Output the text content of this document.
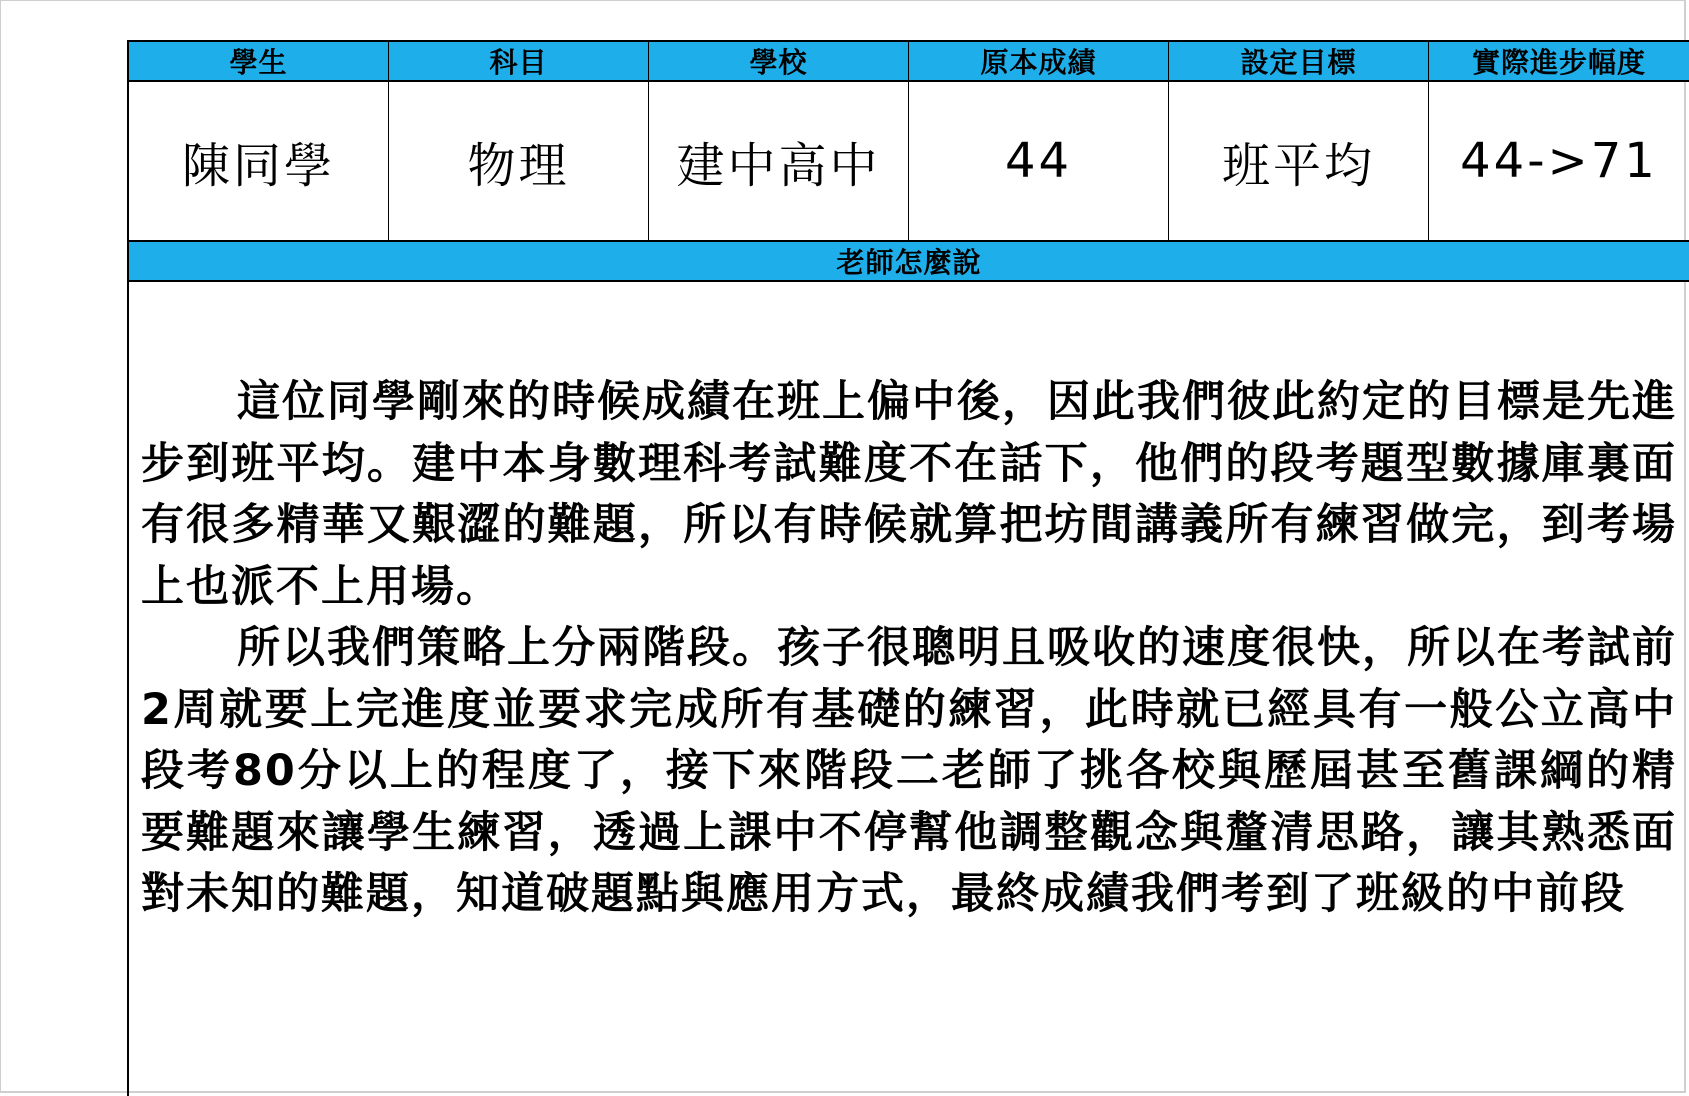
學生	科目	學校	原本成績	設定目標	實際進步幅度
陳同學	物理	建中高中	44	班平均	44->71
老師怎麼說

這位同學剛來的時候成績在班上偏中後，因此我們彼此約定的目標是先進步到班平均。建中本身數理科考試難度不在話下，他們的段考題型數據庫裏面有很多精華又艱澀的難題，所以有時候就算把坊間講義所有練習做完，到考場上也派不上用場。

所以我們策略上分兩階段。孩子很聰明且吸收的速度很快，所以在考試前2周就要上完進度並要求完成所有基礎的練習，此時就已經具有一般公立高中段考80分以上的程度了，接下來階段二老師了挑各校與歷屆甚至舊課綱的精要難題來讓學生練習，透過上課中不停幫他調整觀念與釐清思路，讓其熟悉面對未知的難題，知道破題點與應用方式，最終成績我們考到了班級的中前段
